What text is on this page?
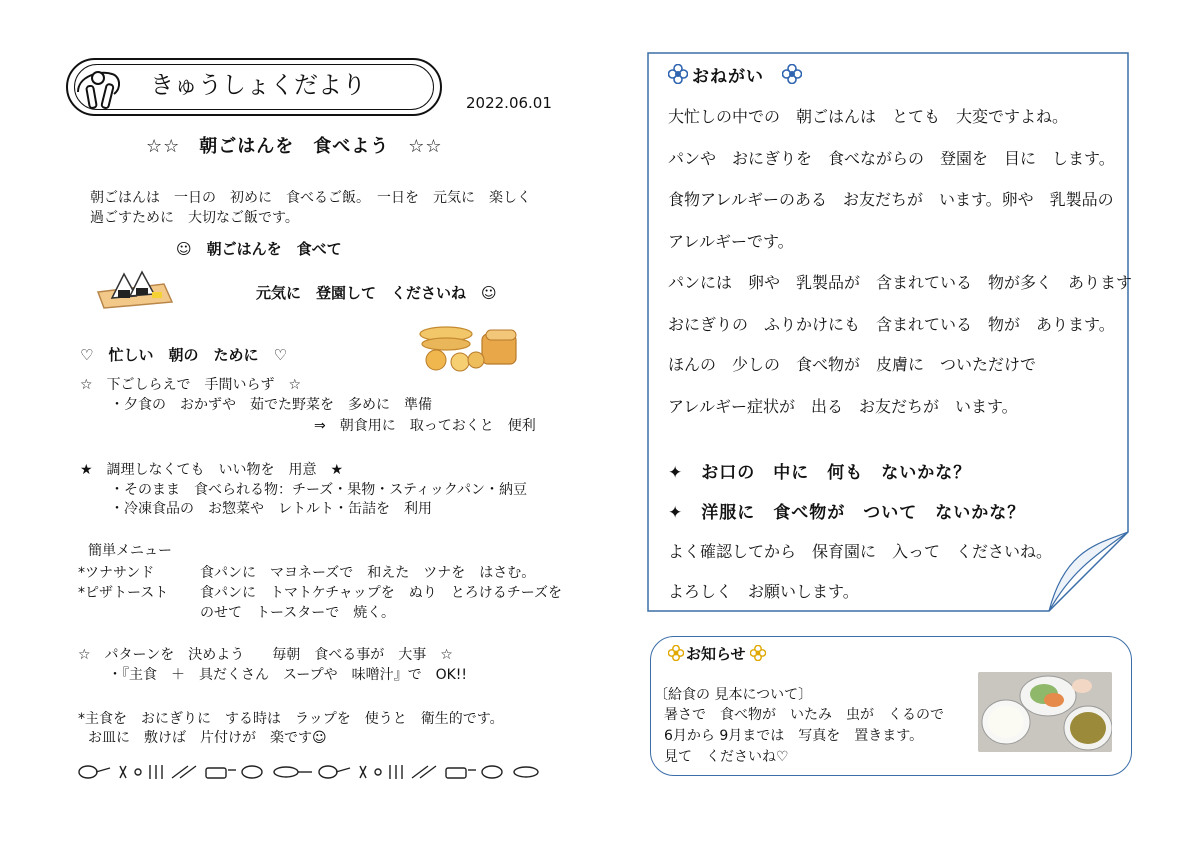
きゅうしょくだより
2022.06.01
☆☆　朝ごはんを　食べよう　☆☆
朝ごはんは　一日の　初めに　食べるご飯。　一日を　元気に　楽しく
過ごすために　大切なご飯です。
☺　朝ごはんを　食べて
元気に　登園して　くださいね　☺
♡　忙しい　朝の　ために　♡
☆　下ごしらえで　手間いらず　☆
・夕食の　おかずや　茹でた野菜を　多めに　準備
⇒　朝食用に　取っておくと　便利
★　調理しなくても　いい物を　用意　★
・そのまま　食べられる物：チーズ・果物・スティックパン・納豆
・冷凍食品の　お惣菜や　レトルト・缶詰を　利用
簡単メニュー
*ツナサンド	食パンに　マヨネーズで　和えた　ツナを　はさむ。
*ピザトースト 食パンに　トマトケチャップを　ぬり　とろけるチーズを
のせて　トースターで　焼く。
☆　パターンを　決めよう　　毎朝　食べる事が　大事　☆
・『主食　＋　具だくさん　スープや　味噌汁』で　OK!!
*主食を　おにぎりに　する時は　ラップを　使うと　衛生的です。
お皿に　敷けば　片付けが　楽です☺
おねがい
大忙しの中での　朝ごはんは　とても　大変ですよね。
パンや　おにぎりを　食べながらの　登園を　目に　します。
食物アレルギーのある　お友だちが　います。卵や　乳製品の
アレルギーです。
パンには　卵や　乳製品が　含まれている　物が多く　あります
おにぎりの　ふりかけにも　含まれている　物が　あります。
ほんの　少しの　食べ物が　皮膚に　ついただけで
アレルギー症状が　出る　お友だちが　います。
✦　お口の　中に　何も　ないかな？
✦　洋服に　食べ物が　ついて　ないかな？
よく確認してから　保育園に　入って　くださいね。
よろしく　お願いします。
お知らせ
〔給食の 見本について〕
暑さで　食べ物が　いたみ　虫が　くるので
6月から 9月までは　写真を　置きます。
見て　くださいね♡
